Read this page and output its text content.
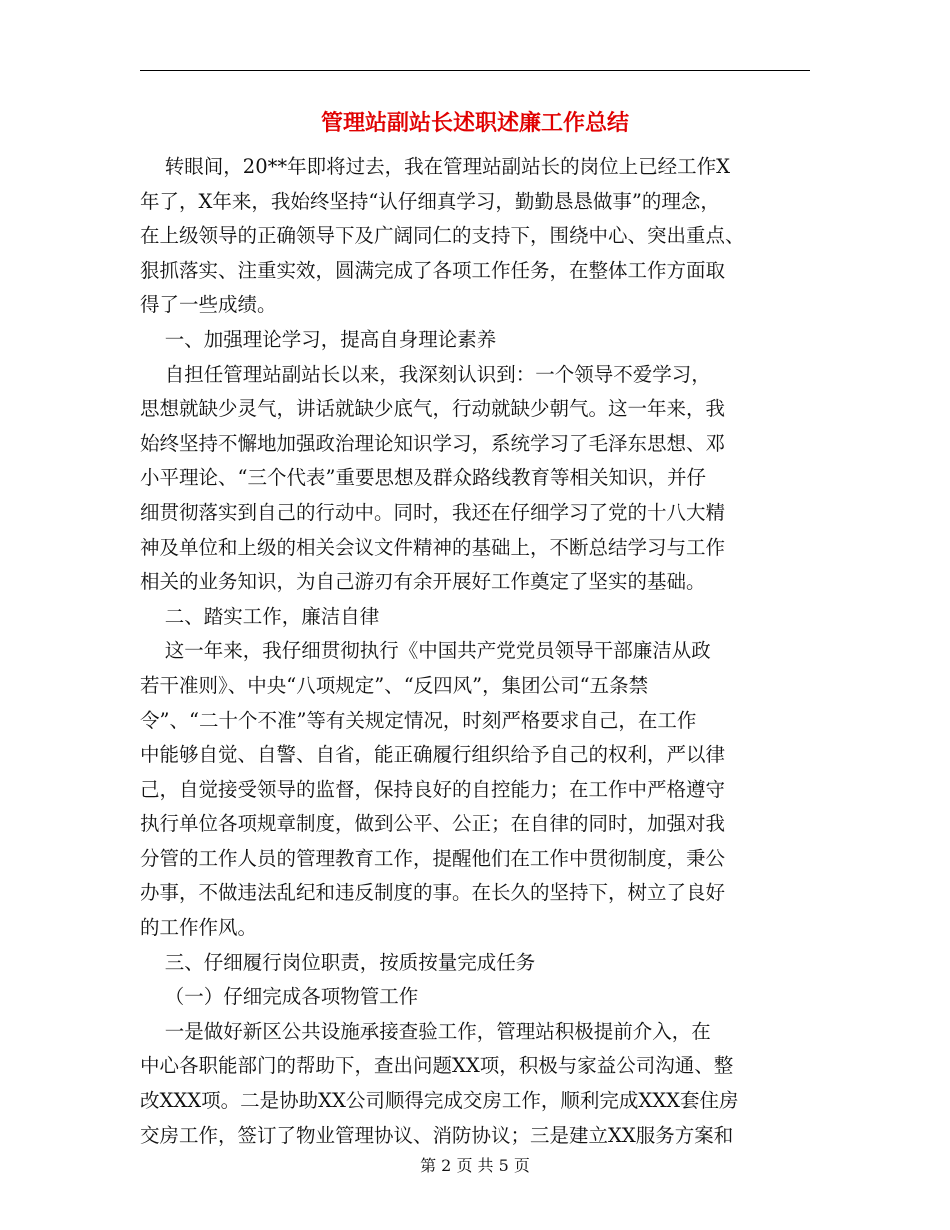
管理站副站长述职述廉工作总结
转眼间，20**年即将过去，我在管理站副站长的岗位上已经工作X
年了，X年来，我始终坚持“认仔细真学习，勤勤恳恳做事”的理念，
在上级领导的正确领导下及广阔同仁的支持下，围绕中心、突出重点、
狠抓落实、注重实效，圆满完成了各项工作任务，在整体工作方面取
得了一些成绩。
一、加强理论学习，提高自身理论素养
自担任管理站副站长以来，我深刻认识到：一个领导不爱学习，
思想就缺少灵气，讲话就缺少底气，行动就缺少朝气。这一年来，我
始终坚持不懈地加强政治理论知识学习，系统学习了毛泽东思想、邓
小平理论、“三个代表”重要思想及群众路线教育等相关知识，并仔
细贯彻落实到自己的行动中。同时，我还在仔细学习了党的十八大精
神及单位和上级的相关会议文件精神的基础上，不断总结学习与工作
相关的业务知识，为自己游刃有余开展好工作奠定了坚实的基础。
二、踏实工作，廉洁自律
这一年来，我仔细贯彻执行《中国共产党党员领导干部廉洁从政
若干准则》、中央“八项规定”、“反四风”，集团公司“五条禁
令”、“二十个不准”等有关规定情况，时刻严格要求自己，在工作
中能够自觉、自警、自省，能正确履行组织给予自己的权利，严以律
己，自觉接受领导的监督，保持良好的自控能力；在工作中严格遵守
执行单位各项规章制度，做到公平、公正；在自律的同时，加强对我
分管的工作人员的管理教育工作，提醒他们在工作中贯彻制度，秉公
办事，不做违法乱纪和违反制度的事。在长久的坚持下，树立了良好
的工作作风。
三、仔细履行岗位职责，按质按量完成任务
（一）仔细完成各项物管工作
一是做好新区公共设施承接查验工作，管理站积极提前介入，在
中心各职能部门的帮助下，查出问题XX项，积极与家益公司沟通、整
改XXX项。二是协助XX公司顺得完成交房工作，顺利完成XXX套住房
交房工作，签订了物业管理协议、消防协议；三是建立XX服务方案和
第 2 页 共 5 页
